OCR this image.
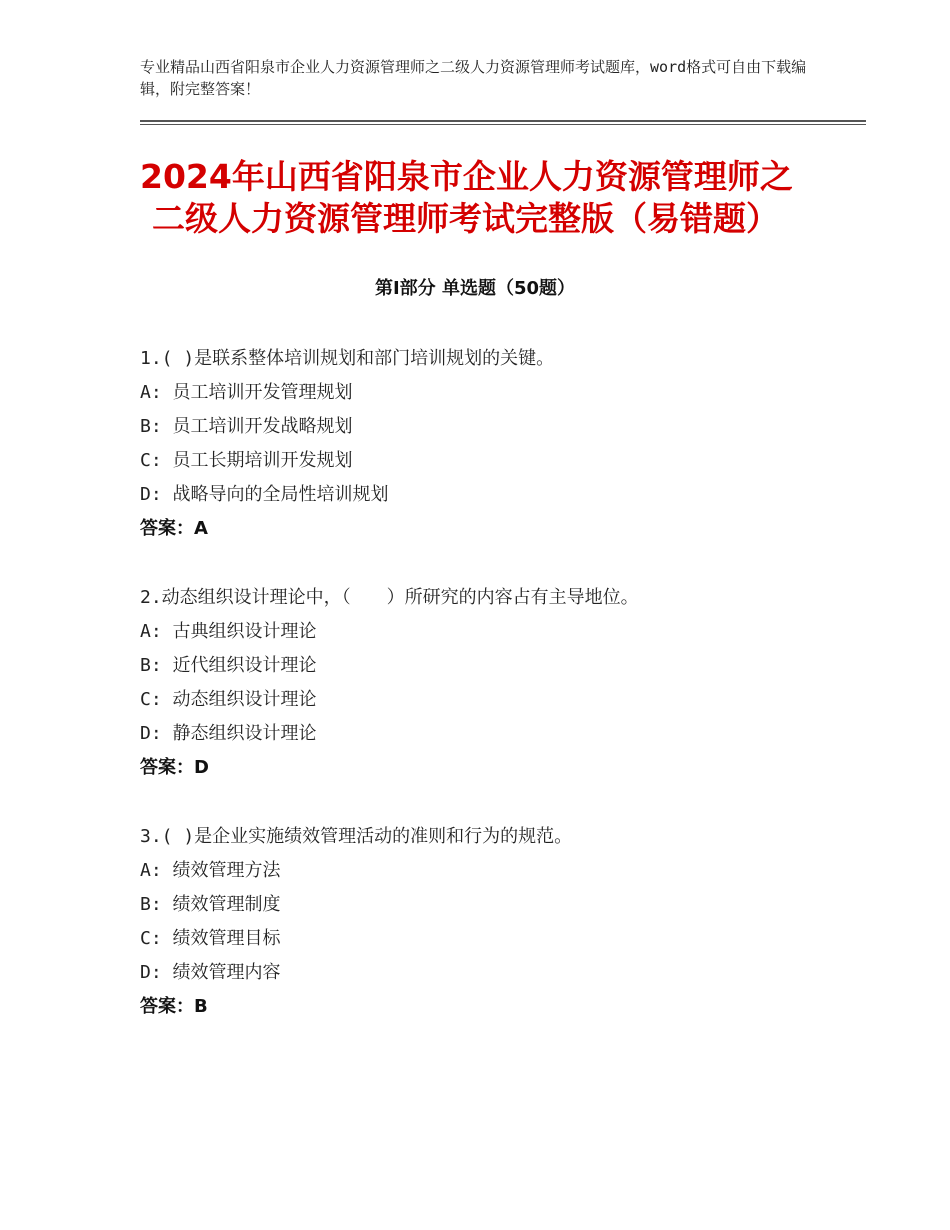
专业精品山西省阳泉市企业人力资源管理师之二级人力资源管理师考试题库，word格式可自由下载编辑，附完整答案！
2024年山西省阳泉市企业人力资源管理师之
二级人力资源管理师考试完整版（易错题）
第Ⅰ部分 单选题（50题）
1.( )是联系整体培训规划和部门培训规划的关键。
A: 员工培训开发管理规划
B: 员工培训开发战略规划
C: 员工长期培训开发规划
D: 战略导向的全局性培训规划
答案：A
2.动态组织设计理论中，（　　）所研究的内容占有主导地位。
A: 古典组织设计理论
B: 近代组织设计理论
C: 动态组织设计理论
D: 静态组织设计理论
答案：D
3.( )是企业实施绩效管理活动的准则和行为的规范。
A: 绩效管理方法
B: 绩效管理制度
C: 绩效管理目标
D: 绩效管理内容
答案：B
